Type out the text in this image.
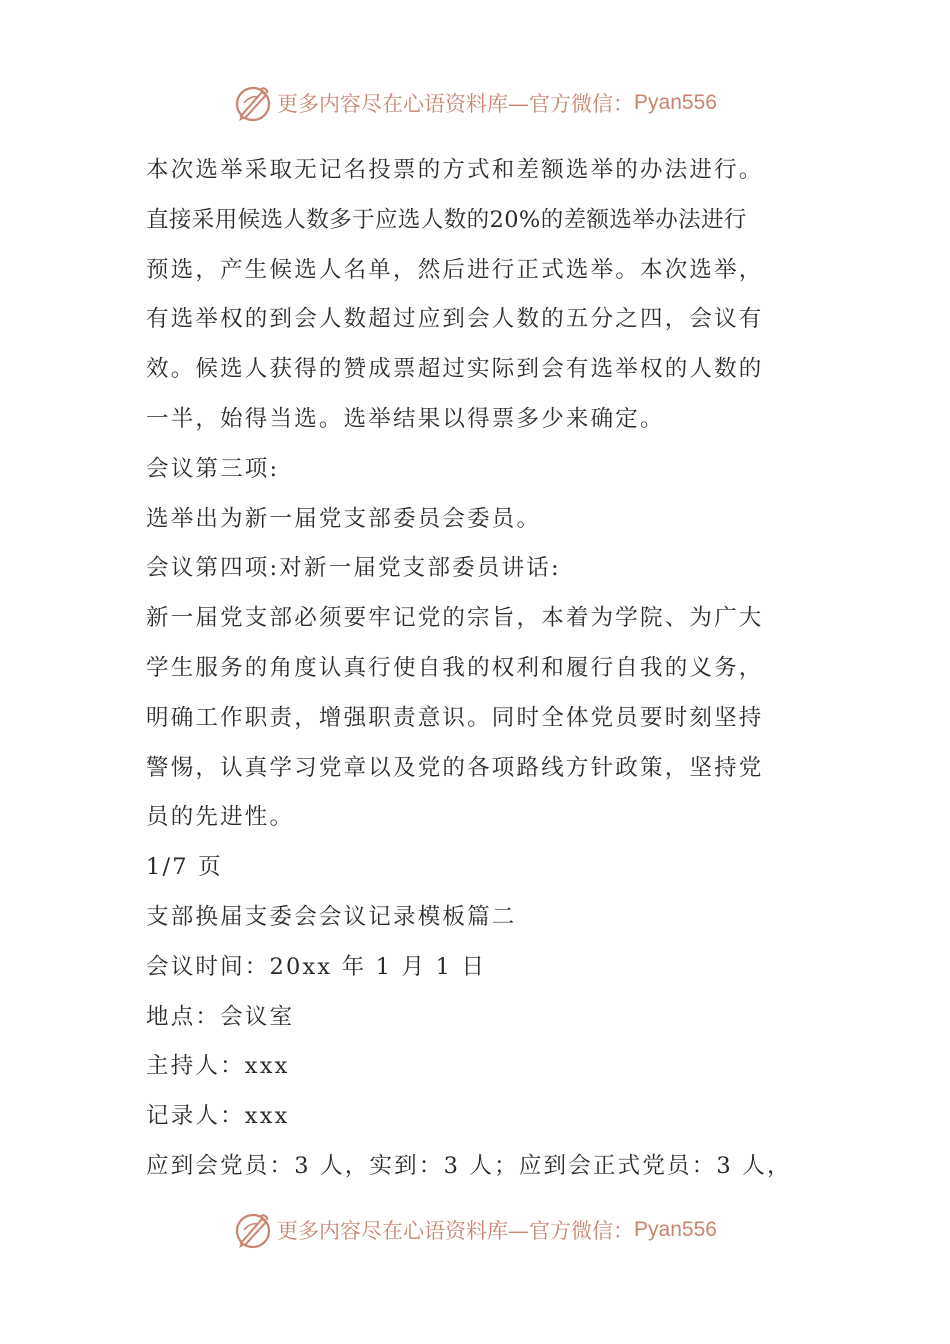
更多内容尽在心语资料库—官方微信： Pyan556
本次选举采取无记名投票的方式和差额选举的办法进行。
直接采用候选人数多于应选人数的20%的差额选举办法进行
预选，产生候选人名单，然后进行正式选举。本次选举，
有选举权的到会人数超过应到会人数的五分之四，会议有
效。候选人获得的赞成票超过实际到会有选举权的人数的
一半，始得当选。选举结果以得票多少来确定。
会议第三项:
选举出为新一届党支部委员会委员。
会议第四项:对新一届党支部委员讲话:
新一届党支部必须要牢记党的宗旨，本着为学院、为广大
学生服务的角度认真行使自我的权利和履行自我的义务，
明确工作职责，增强职责意识。同时全体党员要时刻坚持
警惕，认真学习党章以及党的各项路线方针政策，坚持党
员的先进性。
1/7 页
支部换届支委会会议记录模板篇二
会议时间：20xx 年 1 月 1 日
地点：会议室
主持人：xxx
记录人：xxx
应到会党员：3 人，实到：3 人；应到会正式党员：3 人，
更多内容尽在心语资料库—官方微信： Pyan556
